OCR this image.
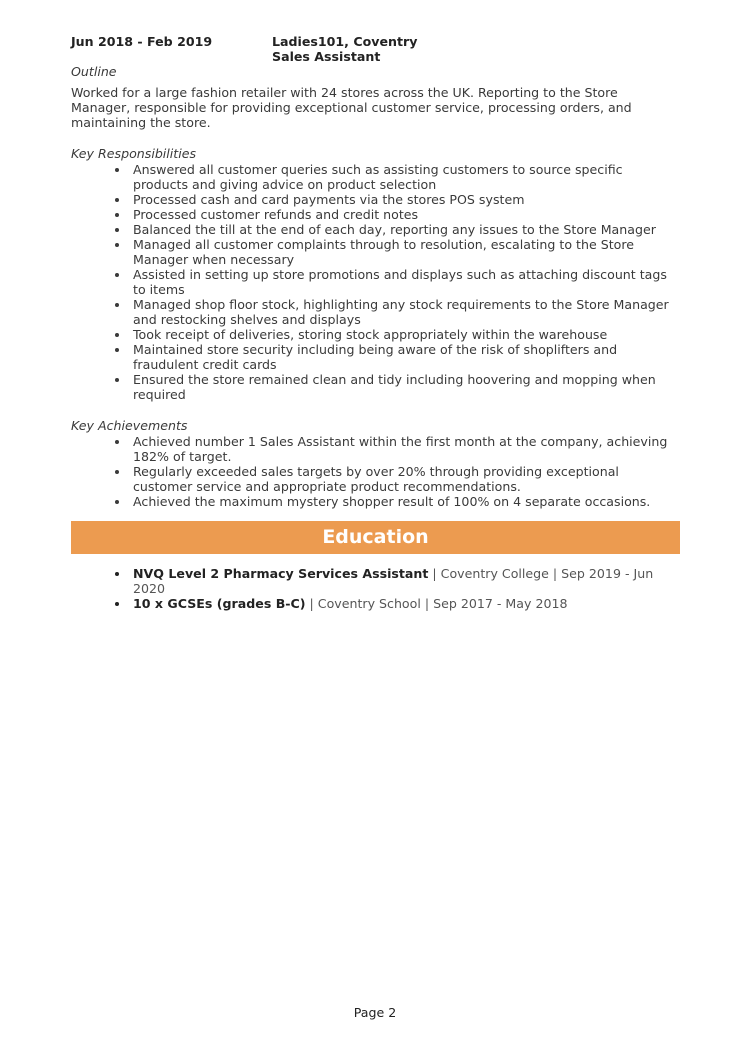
Jun 2018 - Feb 2019	Ladies101, Coventry
Sales Assistant
Outline
Worked for a large fashion retailer with 24 stores across the UK. Reporting to the Store Manager, responsible for providing exceptional customer service, processing orders, and maintaining the store.
Key Responsibilities
Answered all customer queries such as assisting customers to source specific products and giving advice on product selection
Processed cash and card payments via the stores POS system
Processed customer refunds and credit notes
Balanced the till at the end of each day, reporting any issues to the Store Manager
Managed all customer complaints through to resolution, escalating to the Store Manager when necessary
Assisted in setting up store promotions and displays such as attaching discount tags to items
Managed shop floor stock, highlighting any stock requirements to the Store Manager and restocking shelves and displays
Took receipt of deliveries, storing stock appropriately within the warehouse
Maintained store security including being aware of the risk of shoplifters and fraudulent credit cards
Ensured the store remained clean and tidy including hoovering and mopping when required
Key Achievements
Achieved number 1 Sales Assistant within the first month at the company, achieving 182% of target.
Regularly exceeded sales targets by over 20% through providing exceptional customer service and appropriate product recommendations.
Achieved the maximum mystery shopper result of 100% on 4 separate occasions.
Education
NVQ Level 2 Pharmacy Services Assistant | Coventry College | Sep 2019 - Jun 2020
10 x GCSEs (grades B-C) | Coventry School | Sep 2017 - May 2018
Page 2
